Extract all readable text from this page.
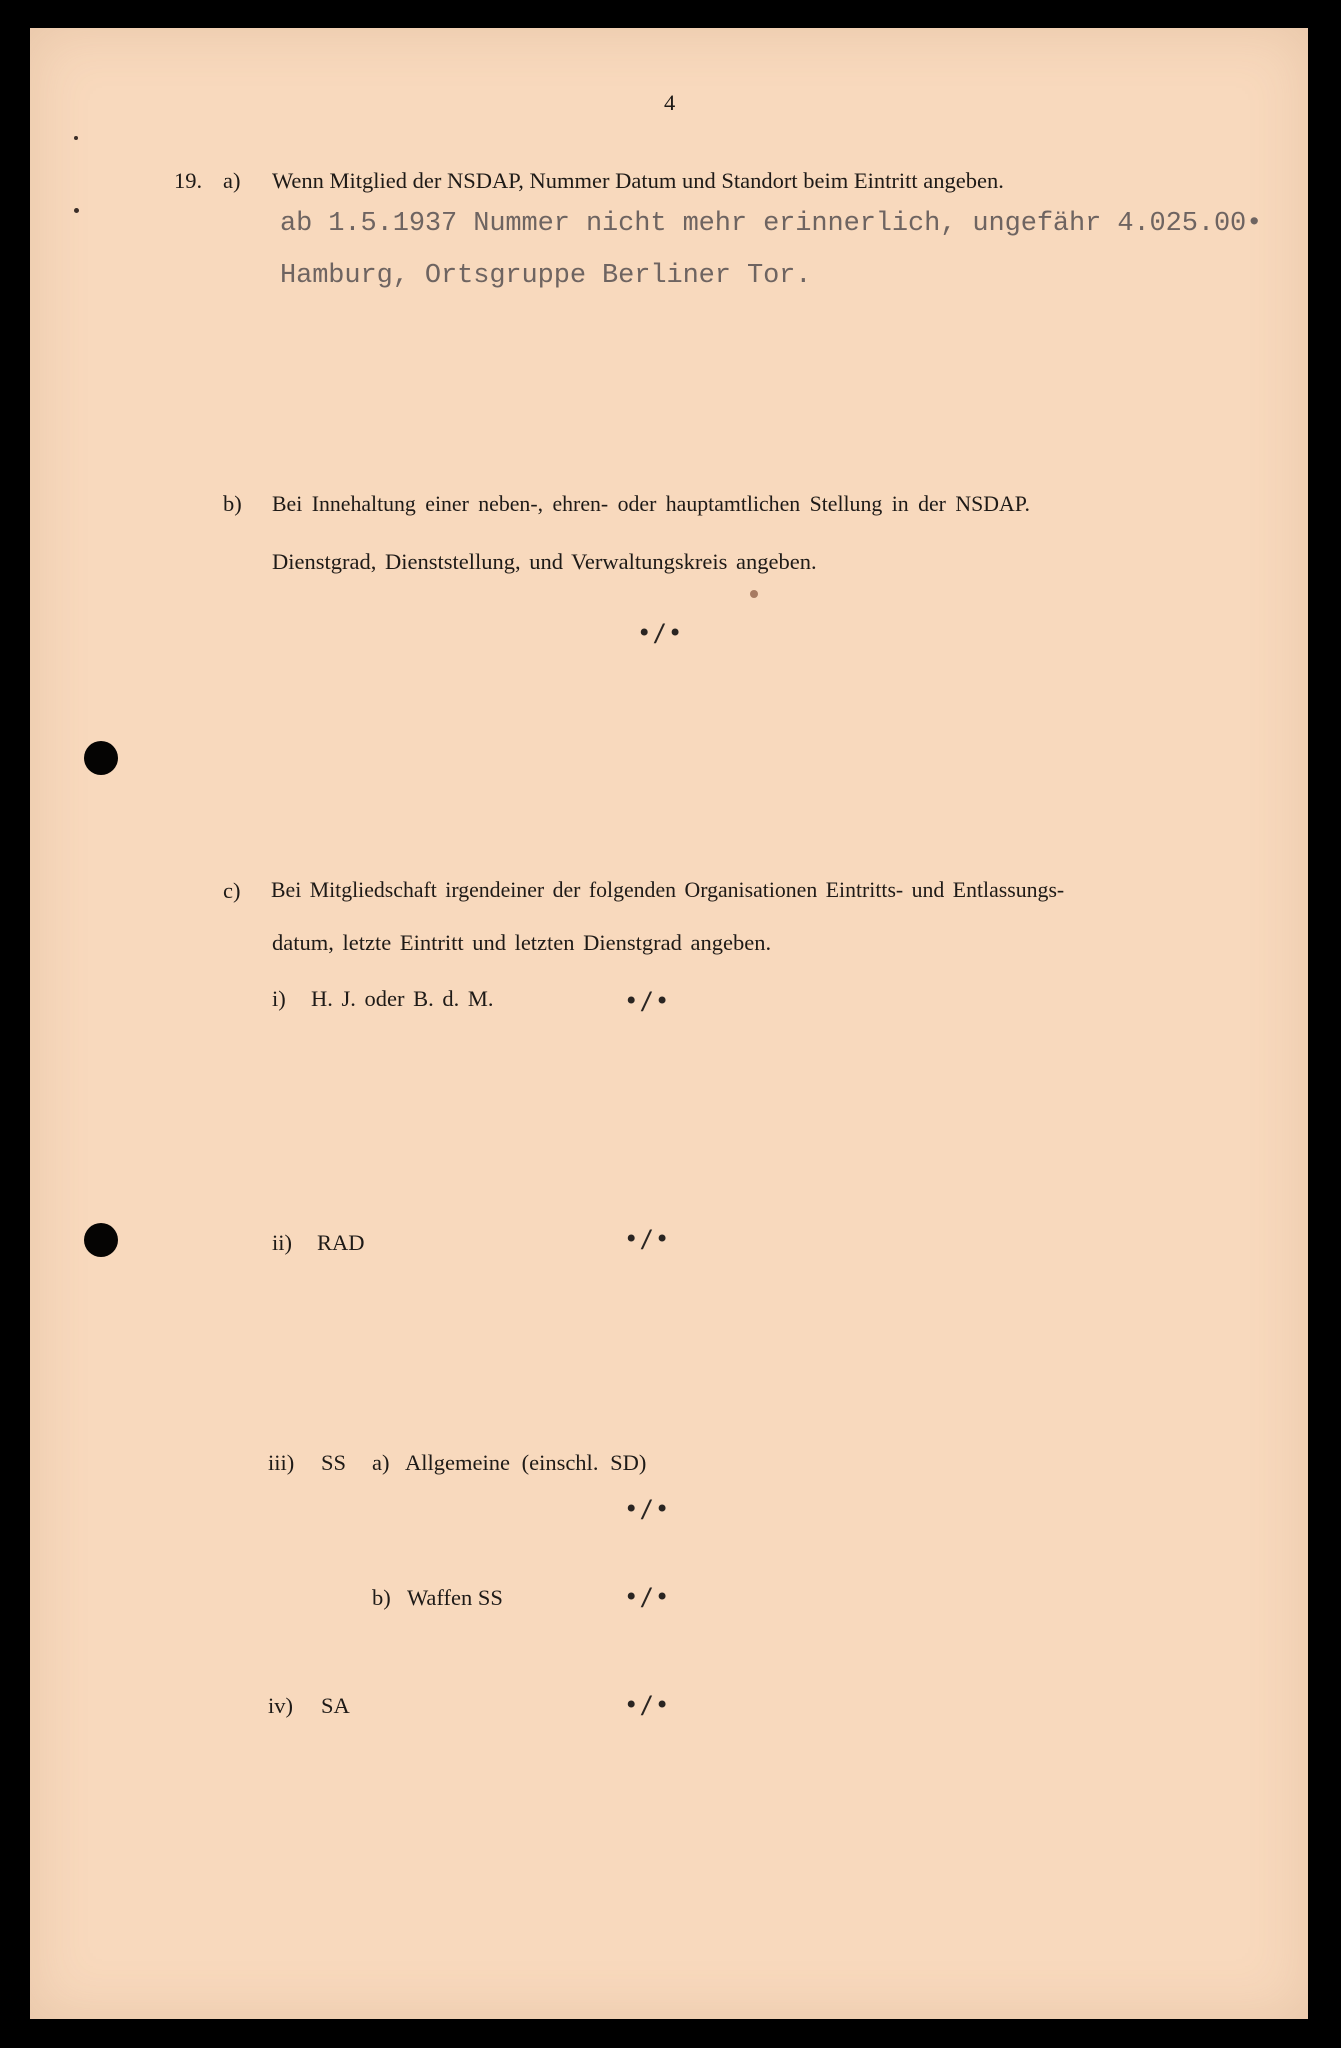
4
19. a) Wenn Mitglied der NSDAP, Nummer Datum und Standort beim Eintritt angeben.
ab 1.5.1937 Nummer nicht mehr erinnerlich, ungefähr 4.025.00•
Hamburg, Ortsgruppe Berliner Tor.
b) Bei Innehaltung einer neben-, ehren- oder hauptamtlichen Stellung in der NSDAP.
Dienstgrad, Dienststellung, und Verwaltungskreis angeben.
•/•
c) Bei Mitgliedschaft irgendeiner der folgenden Organisationen Eintritts- und Entlassungs-
datum, letzte Eintritt und letzten Dienstgrad angeben.
i) H. J. oder B. d. M.	•/•
ii) RAD	•/•
iii) SS a) Allgemeine (einschl. SD)
•/•
b) Waffen SS	•/•
iv) SA	•/•
